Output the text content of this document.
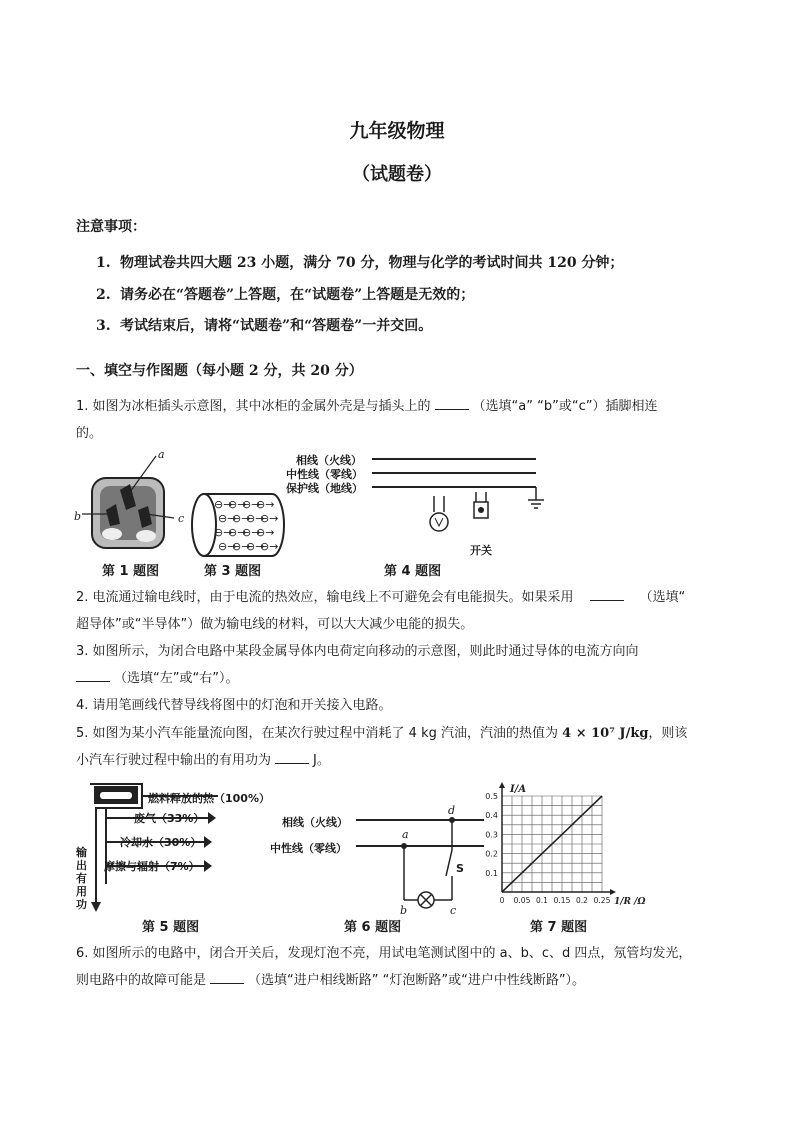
九年级物理
（试题卷）
注意事项：
1. 物理试卷共四大题 23 小题，满分 70 分，物理与化学的考试时间共 120 分钟；
2. 请务必在“答题卷”上答题，在“试题卷”上答题是无效的；
3. 考试结束后，请将“试题卷”和“答题卷”一并交回。
一、填空与作图题（每小题 2 分，共 20 分）
1. 如图为冰柜插头示意图，其中冰柜的金属外壳是与插头上的	（选填“a” “b”或“c”）插脚相连
的。
a
b	c
第 1 题图
⊖→
⊖→
⊖→
⊖→
⊖→
⊖→
⊖→
⊖→
⊖→
⊖→
⊖→
⊖→
⊖→
⊖→
⊖→
⊖→
第 3 题图
相线（火线）
中性线（零线）
保护线（地线）
开关
第 4 题图
2. 电流通过输电线时，由于电流的热效应，输电线上不可避免会有电能损失。如果采用	（选填“
超导体”或“半导体”）做为输电线的材料，可以大大减少电能的损失。
3. 如图所示，为闭合电路中某段金属导体内电荷定向移动的示意图，则此时通过导体的电流方向向
（选填“左”或“右”）。
4. 请用笔画线代替导线将图中的灯泡和开关接入电路。
5. 如图为某小汽车能量流向图，在某次行驶过程中消耗了 4 kg 汽油，汽油的热值为 4 × 10⁷ J/kg，则该
小汽车行驶过程中输出的有用功为	J。
燃料释放的热（100%）
废气（33%）
冷却水（30%）
摩擦与辐射（7%）
输
出
有
用
功
第 5 题图
相线（火线）
中性线（零线）
a
b	c
d
S
第 6 题图
0.1
0.2
0.3
0.4
0.5
0 0.05 0.1 0.15 0.2 0.25
I/A
1/R /Ω
第 7 题图
6. 如图所示的电路中，闭合开关后，发现灯泡不亮，用试电笔测试图中的 a、b、c、d 四点，氖管均发光，
则电路中的故障可能是	（选填“进户相线断路” “灯泡断路”或“进户中性线断路”）。
